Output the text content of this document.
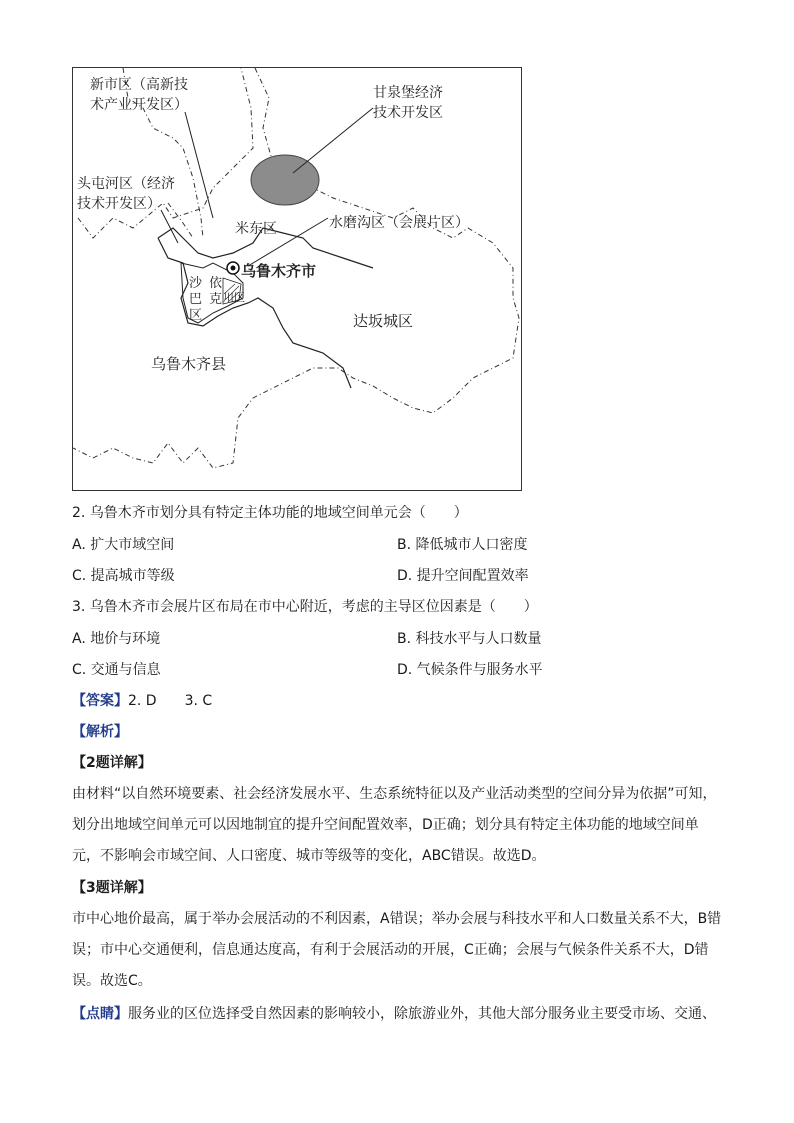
新市区（高新技
术产业开发区）
甘泉堡经济
技术开发区
头屯河区（经济
技术开发区）
米东区	水磨沟区（会展片区）
乌鲁木齐市
沙
巴
区
依
克 川区
达坂城区
乌鲁木齐县
2. 乌鲁木齐市划分具有特定主体功能的地域空间单元会（　　）
A. 扩大市域空间	B. 降低城市人口密度
C. 提高城市等级	D. 提升空间配置效率
3. 乌鲁木齐市会展片区布局在市中心附近，考虑的主导区位因素是（　　）
A. 地价与环境	B. 科技水平与人口数量
C. 交通与信息	D. 气候条件与服务水平
【答案】2. D　　3. C
【解析】
【2题详解】
由材料“以自然环境要素、社会经济发展水平、生态系统特征以及产业活动类型的空间分异为依据”可知，划分出地域空间单元可以因地制宜的提升空间配置效率，D正确；划分具有特定主体功能的地域空间单元，不影响会市域空间、人口密度、城市等级等的变化，ABC错误。故选D。
【3题详解】
市中心地价最高，属于举办会展活动的不利因素，A错误；举办会展与科技水平和人口数量关系不大，B错误；市中心交通便利，信息通达度高，有利于会展活动的开展，C正确；会展与气候条件关系不大，D错误。故选C。
【点睛】服务业的区位选择受自然因素的影响较小，除旅游业外，其他大部分服务业主要受市场、交通、
